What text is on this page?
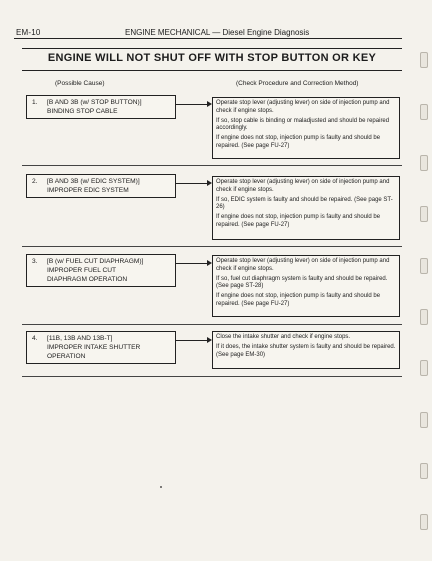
EM-10	ENGINE MECHANICAL — Diesel Engine Diagnosis
ENGINE WILL NOT SHUT OFF WITH STOP BUTTON OR KEY
(Possible Cause)	(Check Procedure and Correction Method)
1. [B AND 3B (w/ STOP BUTTON)]
BINDING STOP CABLE

Operate stop lever (adjusting lever) on side of injection pump and check if engine stops.

If so, stop cable is binding or maladjusted and should be repaired accordingly.

If engine does not stop, injection pump is faulty and should be repaired. (See page FU-27)

2. [B AND 3B (w/ EDIC SYSTEM)]
IMPROPER EDIC SYSTEM

Operate stop lever (adjusting lever) on side of injection pump and check if engine stops.

If so, EDIC system is faulty and should be repaired. (See page ST-26)

If engine does not stop, injection pump is faulty and should be repaired. (See page FU-27)

3. [B (w/ FUEL CUT DIAPHRAGM)]
IMPROPER FUEL CUT
DIAPHRAGM OPERATION

Operate stop lever (adjusting lever) on side of injection pump and check if engine stops.

If so, fuel cut diaphragm system is faulty and should be repaired. (See page ST-28)

If engine does not stop, injection pump is faulty and should be repaired. (See page FU-27)

4. [11B, 13B AND 13B-T]
IMPROPER INTAKE SHUTTER
OPERATION

Close the intake shutter and check if engine stops.

If it does, the intake shutter system is faulty and should be repaired. (See page EM-30)
